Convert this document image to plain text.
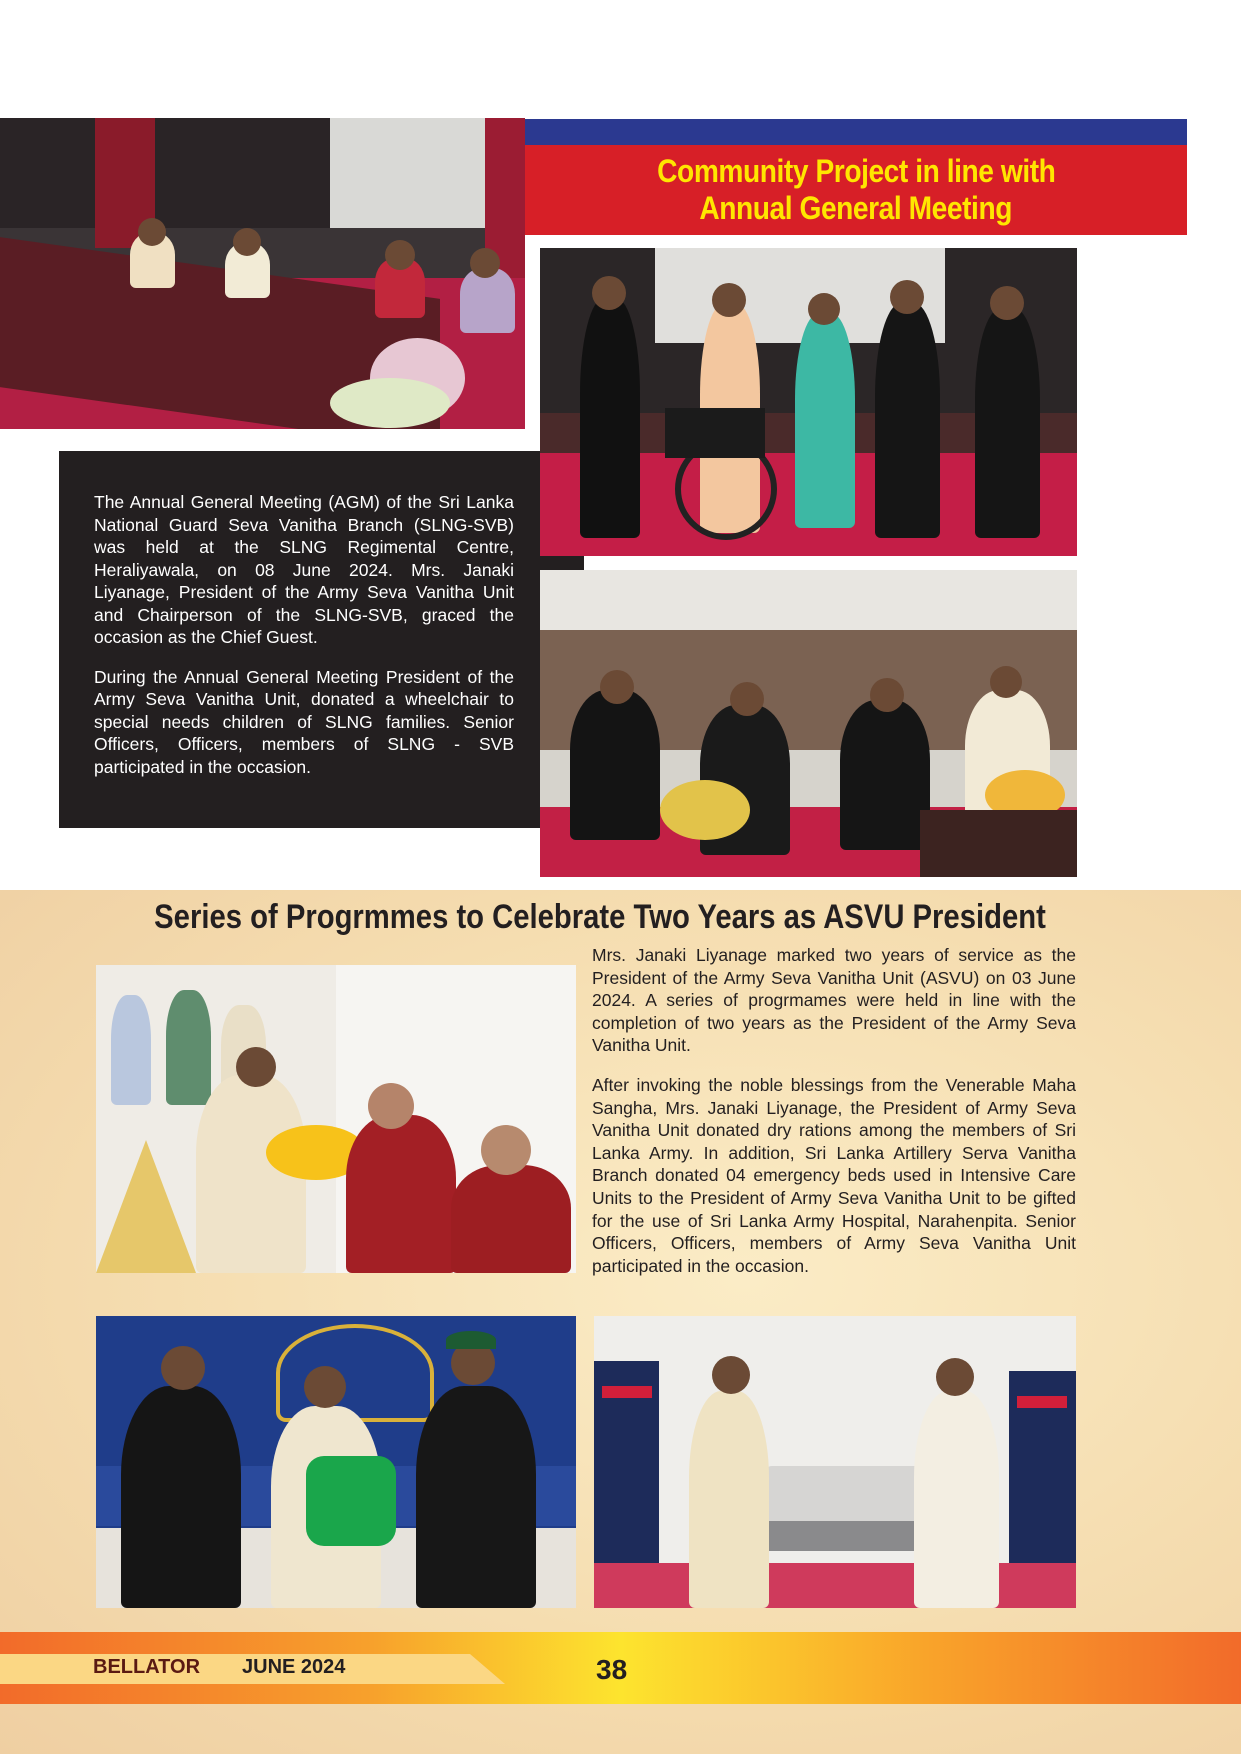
Community Project in line with
Annual General Meeting

The Annual General Meeting (AGM) of the Sri Lanka National Guard Seva Vanitha Branch (SLNG-SVB) was held at the SLNG Regimental Centre, Heraliyawala, on 08 June 2024. Mrs. Janaki Liyanage, President of the Army Seva Vanitha Unit and Chairperson of the SLNG-SVB, graced the occasion as the Chief Guest.

During the Annual General Meeting President of the Army Seva Vanitha Unit, donated a wheelchair to special needs children of SLNG families. Senior Officers, Officers, members of SLNG - SVB participated in the occasion.

Series of Progrmmes to Celebrate Two Years as ASVU President

Mrs. Janaki Liyanage marked two years of service as the President of the Army Seva Vanitha Unit (ASVU) on 03 June 2024. A series of progrmames were held in line with the completion of two years as the President of the Army Seva Vanitha Unit.

After invoking the noble blessings from the Venerable Maha Sangha, Mrs. Janaki Liyanage, the President of Army Seva Vanitha Unit donated dry rations among the members of Sri Lanka Army. In addition, Sri Lanka Artillery Serva Vanitha Branch donated 04 emergency beds used in Intensive Care Units to the President of Army Seva Vanitha Unit to be gifted for the use of Sri Lanka Army Hospital, Narahenpita. Senior Officers, Officers, members of Army Seva Vanitha Unit participated in the occasion.

BELLATOR JUNE 2024	38
